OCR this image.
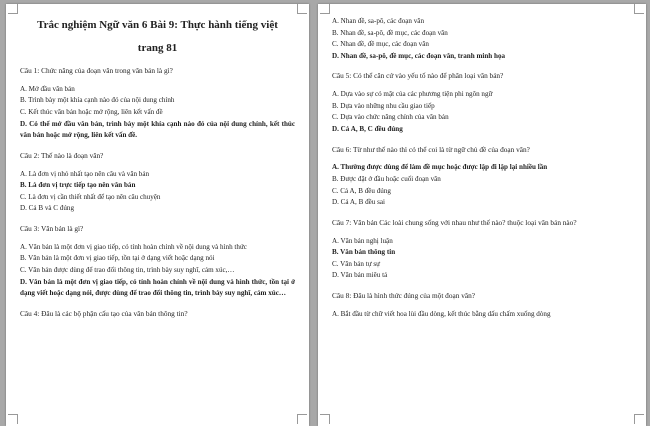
Trắc nghiệm Ngữ văn 6 Bài 9: Thực hành tiếng việt
trang 81
Câu 1: Chức năng của đoạn văn trong văn bản là gì?
A. Mở đầu văn bản
B. Trình bày một khía cạnh nào đó của nội dung chính
C. Kết thúc văn bản hoặc mở rộng, liên kết vấn đề
D. Có thể mở đầu văn bản, trình bày một khía cạnh nào đó của nội dung chính, kết thúc văn bản hoặc mở rộng, liên kết vấn đề.
Câu 2: Thế nào là đoạn văn?
A. Là đơn vị nhỏ nhất tạo nên câu và văn bản
B. Là đơn vị trực tiếp tạo nên văn bản
C. Là đơn vị cần thiết nhất để tạo nên câu chuyện
D. Cả B và C đúng
Câu 3: Văn bản là gì?
A. Văn bản là một đơn vị giao tiếp, có tính hoàn chỉnh về nội dung và hình thức
B. Văn bản là một đơn vị giao tiếp, tồn tại ở dạng viết hoặc dạng nói
C. Văn bản được dùng để trao đổi thông tin, trình bày suy nghĩ, cảm xúc,…
D. Văn bản là một đơn vị giao tiếp, có tính hoàn chỉnh về nội dung và hình thức, tồn tại ở dạng viết hoặc dạng nói, được dùng để trao đổi thông tin, trình bày suy nghĩ, cảm xúc…
Câu 4: Đâu là các bộ phận cấu tạo của văn bản thông tin?
A. Nhan đề, sa-pô, các đoạn văn
B. Nhan đề, sa-pô, đề mục, các đoạn văn
C. Nhan đề, đề mục, các đoạn văn
D. Nhan đề, sa-pô, đề mục, các đoạn văn, tranh minh họa
Câu 5: Có thể căn cứ vào yếu tố nào để phân loại văn bản?
A. Dựa vào sự có mặt của các phương tiện phi ngôn ngữ
B. Dựa vào những nhu cầu giao tiếp
C. Dựa vào chức năng chính của văn bản
D. Cả A, B, C đều đúng
Câu 6: Từ như thế nào thì có thể coi là từ ngữ chủ đề của đoạn văn?
A. Thường được dùng để làm đề mục hoặc được lặp đi lặp lại nhiều lần
B. Được đặt ở đầu hoặc cuối đoạn văn
C. Cả A, B đều đúng
D. Cả A, B đều sai
Câu 7: Văn bản Các loài chung sống với nhau như thế nào? thuộc loại văn bản nào?
A. Văn bản nghị luận
B. Văn bản thông tin
C. Văn bản tự sự
D. Văn bản miêu tả
Câu 8: Đâu là hình thức đúng của một đoạn văn?
A. Bắt đầu từ chữ viết hoa lùi đầu dòng, kết thúc bằng dấu chấm xuống dòng
